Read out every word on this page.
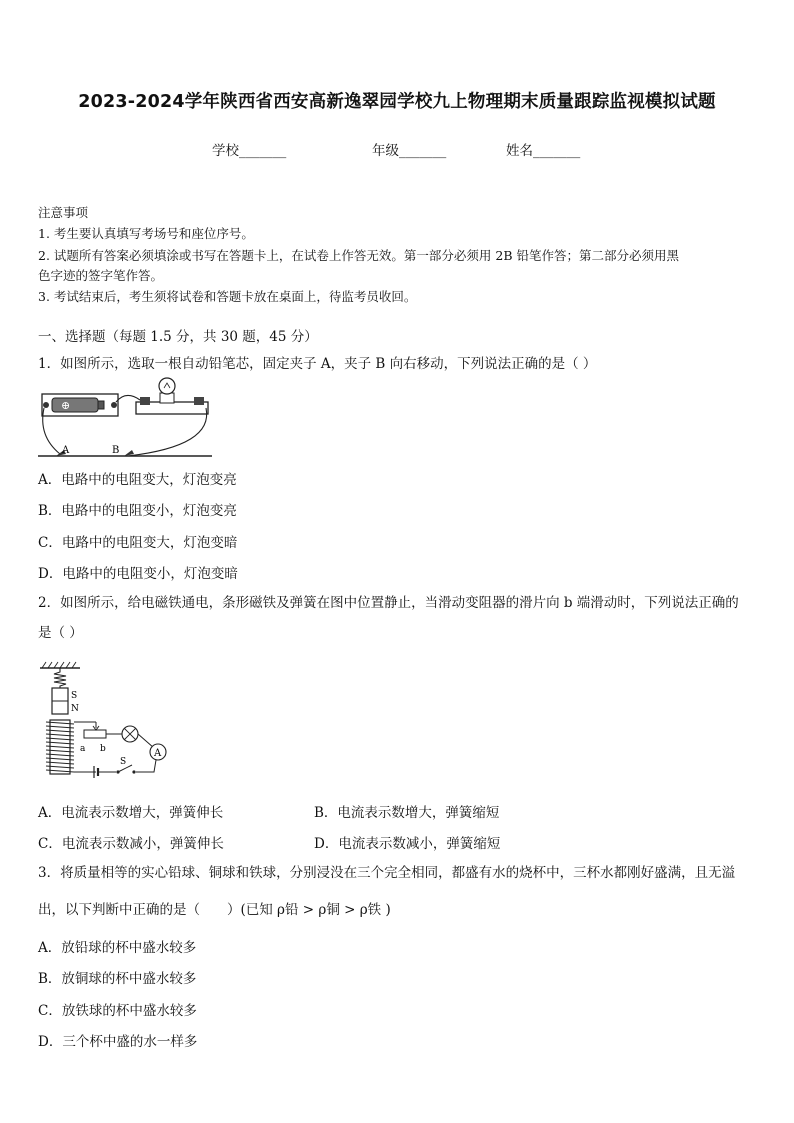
2023-2024学年陕西省西安高新逸翠园学校九上物理期末质量跟踪监视模拟试题
学校_______	年级_______	姓名_______
注意事项
1. 考生要认真填写考场号和座位序号。
2. 试题所有答案必须填涂或书写在答题卡上，在试卷上作答无效。第一部分必须用 2B 铅笔作答；第二部分必须用黑
色字迹的签字笔作答。
3. 考试结束后，考生须将试卷和答题卡放在桌面上，待监考员收回。
一、选择题（每题 1.5 分，共 30 题，45 分）
1．如图所示，选取一根自动铅笔芯，固定夹子 A，夹子 B 向右移动，下列说法正确的是（ ）
⊕
A	B
A．电路中的电阻变大，灯泡变亮
B．电路中的电阻变小，灯泡变亮
C．电路中的电阻变大，灯泡变暗
D．电路中的电阻变小，灯泡变暗
2．如图所示，给电磁铁通电，条形磁铁及弹簧在图中位置静止，当滑动变阻器的滑片向 b 端滑动时，下列说法正确的
是（ ）
S
N
a b	A
S
A．电流表示数增大，弹簧伸长	B．电流表示数增大，弹簧缩短
C．电流表示数减小，弹簧伸长	D．电流表示数减小，弹簧缩短
3．将质量相等的实心铅球、铜球和铁球，分别浸没在三个完全相同，都盛有水的烧杯中，三杯水都刚好盛满，且无溢
出，以下判断中正确的是（　　）(已知 ρ铅 > ρ铜 > ρ铁 )
A．放铅球的杯中盛水较多
B．放铜球的杯中盛水较多
C．放铁球的杯中盛水较多
D．三个杯中盛的水一样多
